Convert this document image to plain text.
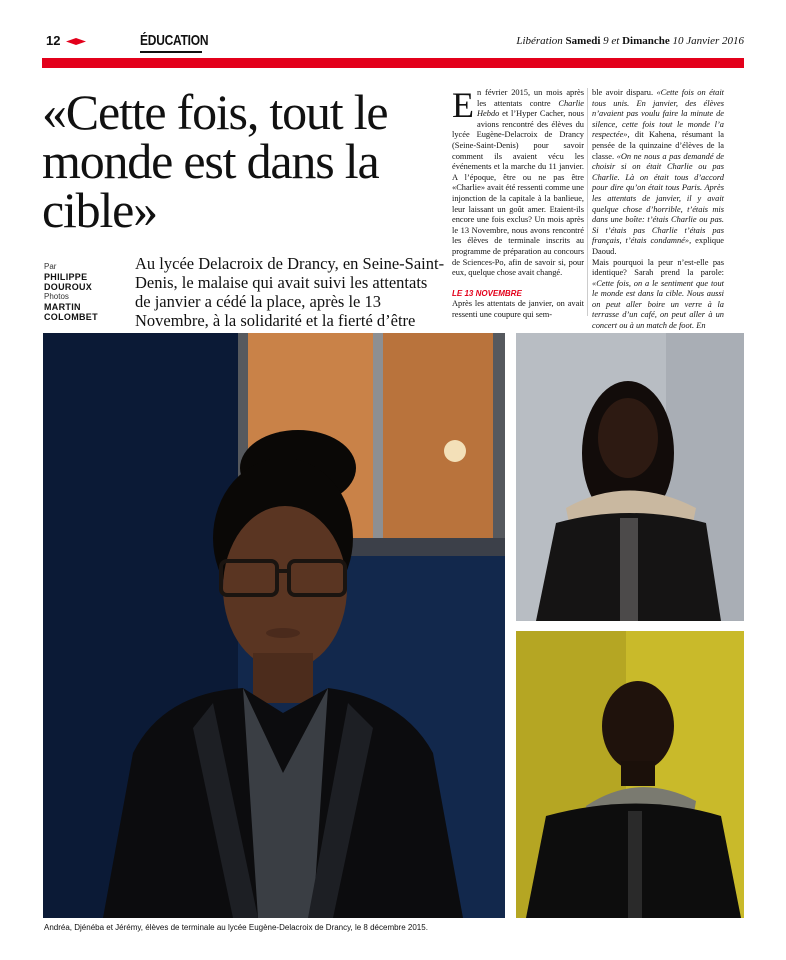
12	ÉDUCATION	Libération Samedi 9 et Dimanche 10 Janvier 2016
«Cette fois, tout le monde est dans la cible»
Par
PHILIPPE DOUROUX
Photos
MARTIN COLOMBET

Au lycée Delacroix de Drancy, en Seine-Saint-Denis, le malaise qui avait suivi les attentats de janvier a cédé la place, après le 13 Novembre, à la solidarité et la fierté d’être

En février 2015, un mois après les attentats contre Charlie Hebdo et l’Hyper Cacher, nous avions rencontré des élèves du lycée Eugène-Delacroix de Drancy (Seine-Saint-Denis) pour savoir comment ils avaient vécu les événements et la marche du 11 janvier. A l’époque, être ou ne pas être «Charlie» avait été ressenti comme une injonction de la capitale à la banlieue, leur laissant un goût amer. Etaient-ils encore une fois exclus? Un mois après le 13 Novembre, nous avons rencontré les élèves de terminale inscrits au programme de préparation au concours de Sciences-Po, afin de savoir si, pour eux, quelque chose avait changé.

LE 13 NOVEMBRE

Après les attentats de janvier, on avait ressenti une coupure qui sem-

ble avoir disparu. «Cette fois on était tous unis. En janvier, des élèves n’avaient pas voulu faire la minute de silence, cette fois tout le monde l’a respectée», dit Kahena, résumant la pensée de la quinzaine d’élèves de la classe. «On ne nous a pas demandé de choisir si on était Charlie ou pas Charlie. Là on était tous d’accord pour dire qu’on était tous Paris. Après les attentats de janvier, il y avait quelque chose d’horrible, t’étais mis dans une boîte: t’étais Charlie ou pas. Si t’étais pas Charlie t’étais pas français, t’étais condamné», explique Daoud.
Mais pourquoi la peur n’est-elle pas identique? Sarah prend la parole: «Cette fois, on a le sentiment que tout le monde est dans la cible. Nous aussi on peut aller boire un verre à la terrasse d’un café, on peut aller à un concert ou à un match de foot. En

Andréa, Djénéba et Jérémy, élèves de terminale au lycée Eugène-Delacroix de Drancy, le 8 décembre 2015.
